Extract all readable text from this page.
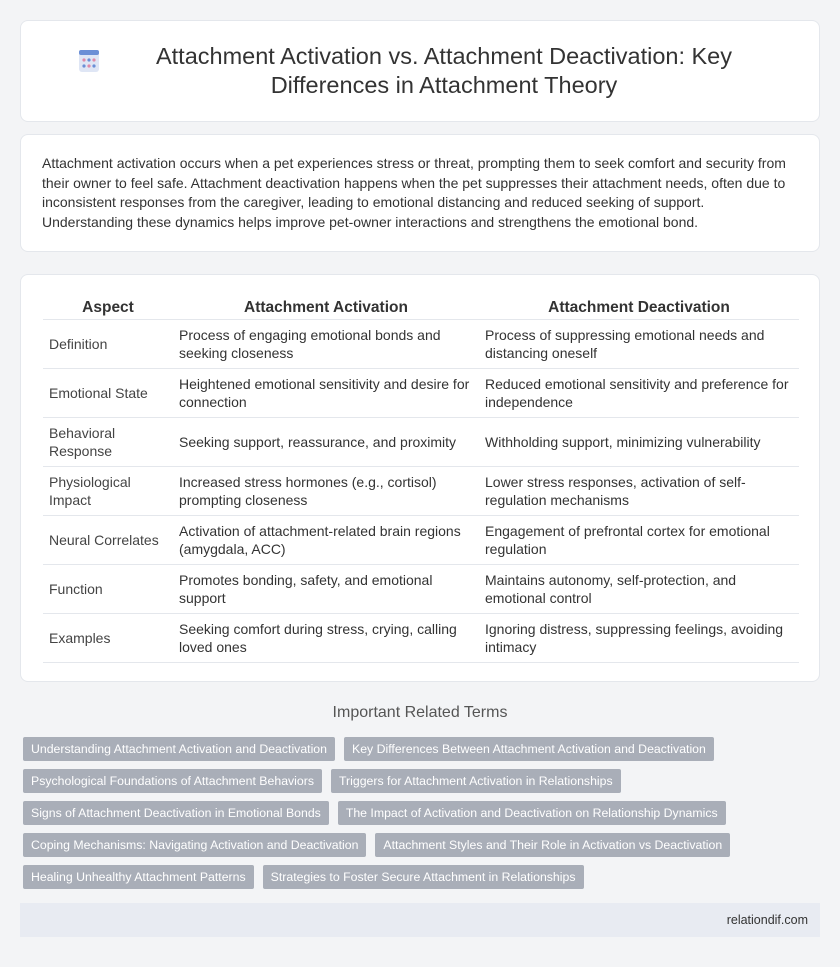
Attachment Activation vs. Attachment Deactivation: Key Differences in Attachment Theory

Attachment activation occurs when a pet experiences stress or threat, prompting them to seek comfort and security from their owner to feel safe. Attachment deactivation happens when the pet suppresses their attachment needs, often due to inconsistent responses from the caregiver, leading to emotional distancing and reduced seeking of support. Understanding these dynamics helps improve pet-owner interactions and strengthens the emotional bond.

Aspect	Attachment Activation	Attachment Deactivation
Definition	Process of engaging emotional bonds and seeking closeness	Process of suppressing emotional needs and distancing oneself
Emotional State	Heightened emotional sensitivity and desire for connection	Reduced emotional sensitivity and preference for independence
Behavioral Response	Seeking support, reassurance, and proximity	Withholding support, minimizing vulnerability
Physiological Impact	Increased stress hormones (e.g., cortisol) prompting closeness	Lower stress responses, activation of self-regulation mechanisms
Neural Correlates	Activation of attachment-related brain regions (amygdala, ACC)	Engagement of prefrontal cortex for emotional regulation
Function	Promotes bonding, safety, and emotional support	Maintains autonomy, self-protection, and emotional control
Examples	Seeking comfort during stress, crying, calling loved ones	Ignoring distress, suppressing feelings, avoiding intimacy
Important Related Terms
Understanding Attachment Activation and Deactivation	Key Differences Between Attachment Activation and Deactivation
Psychological Foundations of Attachment Behaviors	Triggers for Attachment Activation in Relationships
Signs of Attachment Deactivation in Emotional Bonds	The Impact of Activation and Deactivation on Relationship Dynamics
Coping Mechanisms: Navigating Activation and Deactivation	Attachment Styles and Their Role in Activation vs Deactivation
Healing Unhealthy Attachment Patterns	Strategies to Foster Secure Attachment in Relationships
relationdif.com
